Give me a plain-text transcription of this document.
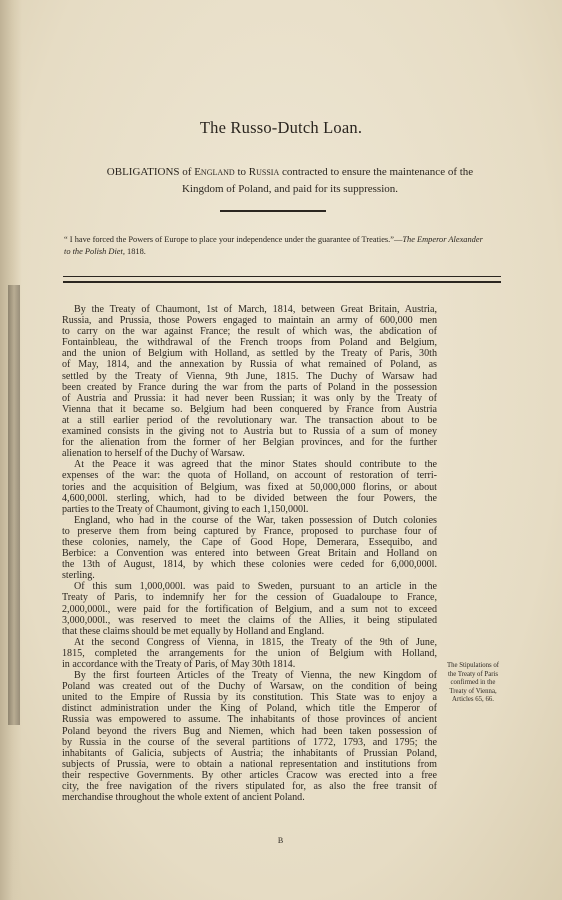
The Russo-Dutch Loan.
OBLIGATIONS of England to Russia contracted to ensure the maintenance of the Kingdom of Poland, and paid for its suppression.
“ I have forced the Powers of Europe to place your independence under the guarantee of Treaties.”—The Emperor Alexander to the Polish Diet, 1818.
By the Treaty of Chaumont, 1st of March, 1814, between Great Britain, Austria,
Russia, and Prussia, those Powers engaged to maintain an army of 600,000 men
to carry on the war against France; the result of which was, the abdication of
Fontainbleau, the withdrawal of the French troops from Poland and Belgium,
and the union of Belgium with Holland, as settled by the Treaty of Paris, 30th
of May, 1814, and the annexation by Russia of what remained of Poland, as
settled by the Treaty of Vienna, 9th June, 1815. The Duchy of Warsaw had
been created by France during the war from the parts of Poland in the possession
of Austria and Prussia: it had never been Russian; it was only by the Treaty of
Vienna that it became so. Belgium had been conquered by France from Austria
at a still earlier period of the revolutionary war. The transaction about to be
examined consists in the giving not to Austria but to Russia of a sum of money
for the alienation from the former of her Belgian provinces, and for the further
alienation to herself of the Duchy of Warsaw.
At the Peace it was agreed that the minor States should contribute to the
expenses of the war: the quota of Holland, on account of restoration of terri-
tories and the acquisition of Belgium, was fixed at 50,000,000 florins, or about
4,600,000l. sterling, which, had to be divided between the four Powers, the
parties to the Treaty of Chaumont, giving to each 1,150,000l.
England, who had in the course of the War, taken possession of Dutch colonies
to preserve them from being captured by France, proposed to purchase four of
these colonies, namely, the Cape of Good Hope, Demerara, Essequibo, and
Berbice: a Convention was entered into between Great Britain and Holland on
the 13th of August, 1814, by which these colonies were ceded for 6,000,000l.
sterling.
Of this sum 1,000,000l. was paid to Sweden, pursuant to an article in the
Treaty of Paris, to indemnify her for the cession of Guadaloupe to France,
2,000,000l., were paid for the fortification of Belgium, and a sum not to exceed
3,000,000l., was reserved to meet the claims of the Allies, it being stipulated
that these claims should be met equally by Holland and England.
At the second Congress of Vienna, in 1815, the Treaty of the 9th of June,
1815, completed the arrangements for the union of Belgium with Holland,
in accordance with the Treaty of Paris, of May 30th 1814.
By the first fourteen Articles of the Treaty of Vienna, the new Kingdom of
Poland was created out of the Duchy of Warsaw, on the condition of being
united to the Empire of Russia by its constitution. This State was to enjoy a
distinct administration under the King of Poland, which title the Emperor of
Russia was empowered to assume. The inhabitants of those provinces of ancient
Poland beyond the rivers Bug and Niemen, which had been taken possession of
by Russia in the course of the several partitions of 1772, 1793, and 1795; the
inhabitants of Galicia, subjects of Austria; the inhabitants of Prussian Poland,
subjects of Prussia, were to obtain a national representation and institutions from
their respective Governments. By other articles Cracow was erected into a free
city, the free navigation of the rivers stipulated for, as also the free transit of
merchandise throughout the whole extent of ancient Poland.
The Stipulations of
the Treaty of Paris
confirmed in the
Treaty of Vienna,
Articles 65, 66.
B
